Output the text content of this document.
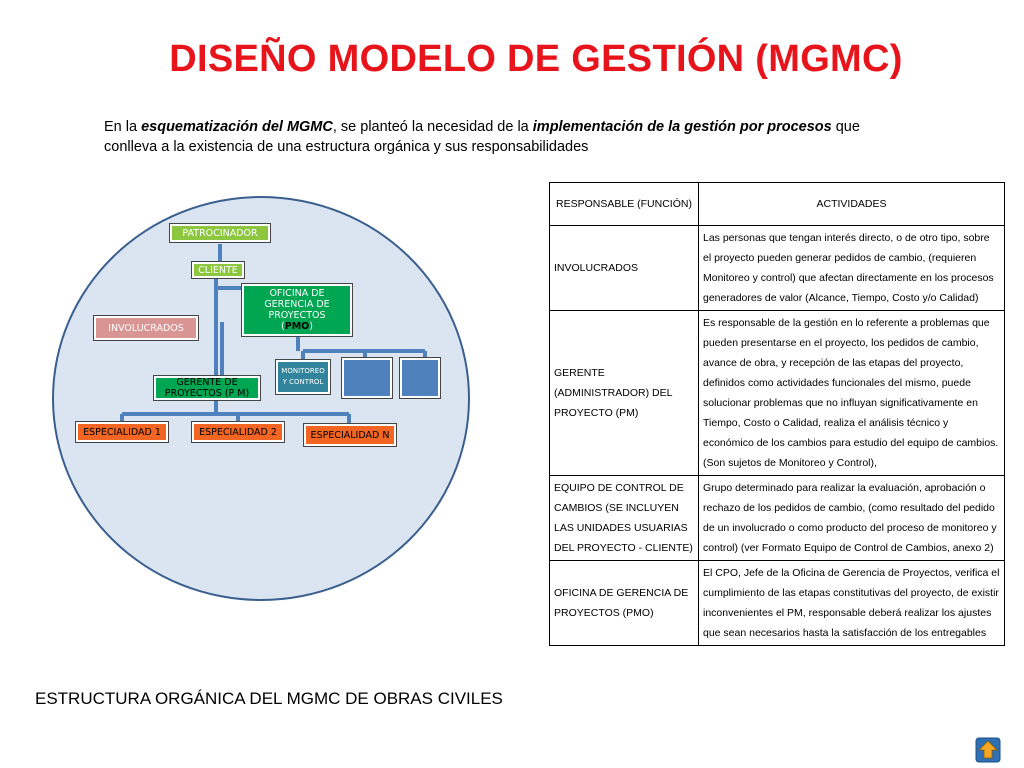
DISEÑO MODELO DE GESTIÓN (MGMC)
En la esquematización del MGMC, se planteó la necesidad de la implementación de la gestión por procesos que conlleva a la existencia de una estructura orgánica y sus responsabilidades
PATROCINADOR
CLIENTE
OFICINA DE GERENCIA DE PROYECTOS (PMO)
INVOLUCRADOS
MONITOREO Y CONTROL
GERENTE DE PROYECTOS (P M)
ESPECIALIDAD 1	ESPECIALIDAD 2	ESPECIALIDAD N
ESTRUCTURA ORGÁNICA DEL MGMC DE OBRAS CIVILES
RESPONSABLE (FUNCIÓN)	ACTIVIDADES
INVOLUCRADOS	Las personas que tengan interés directo, o de otro tipo, sobre el proyecto pueden generar pedidos de cambio, (requieren Monitoreo y control) que afectan directamente en los procesos generadores de valor (Alcance, Tiempo, Costo y/o Calidad)
GERENTE (ADMINISTRADOR) DEL PROYECTO (PM)	Es responsable de la gestión en lo referente a problemas que pueden presentarse en el proyecto, los pedidos de cambio, avance de obra, y recepción de las etapas del proyecto, definidos como actividades funcionales del mismo, puede solucionar problemas que no influyan significativamente en Tiempo, Costo o Calidad, realiza el análisis técnico y económico de los cambios para estudio del equipo de cambios. (Son sujetos de Monitoreo y Control),
EQUIPO DE CONTROL DE CAMBIOS (SE INCLUYEN LAS UNIDADES USUARIAS DEL PROYECTO - CLIENTE)	Grupo determinado para realizar la evaluación, aprobación o rechazo de los pedidos de cambio, (como resultado del pedido de un involucrado o como producto del proceso de monitoreo y control) (ver Formato Equipo de Control de Cambios, anexo 2)
OFICINA DE GERENCIA DE PROYECTOS (PMO)	El CPO, Jefe de la Oficina de Gerencia de Proyectos, verifica el cumplimiento de las etapas constitutivas del proyecto, de existir inconvenientes el PM, responsable deberá realizar los ajustes que sean necesarios hasta la satisfacción de los entregables
